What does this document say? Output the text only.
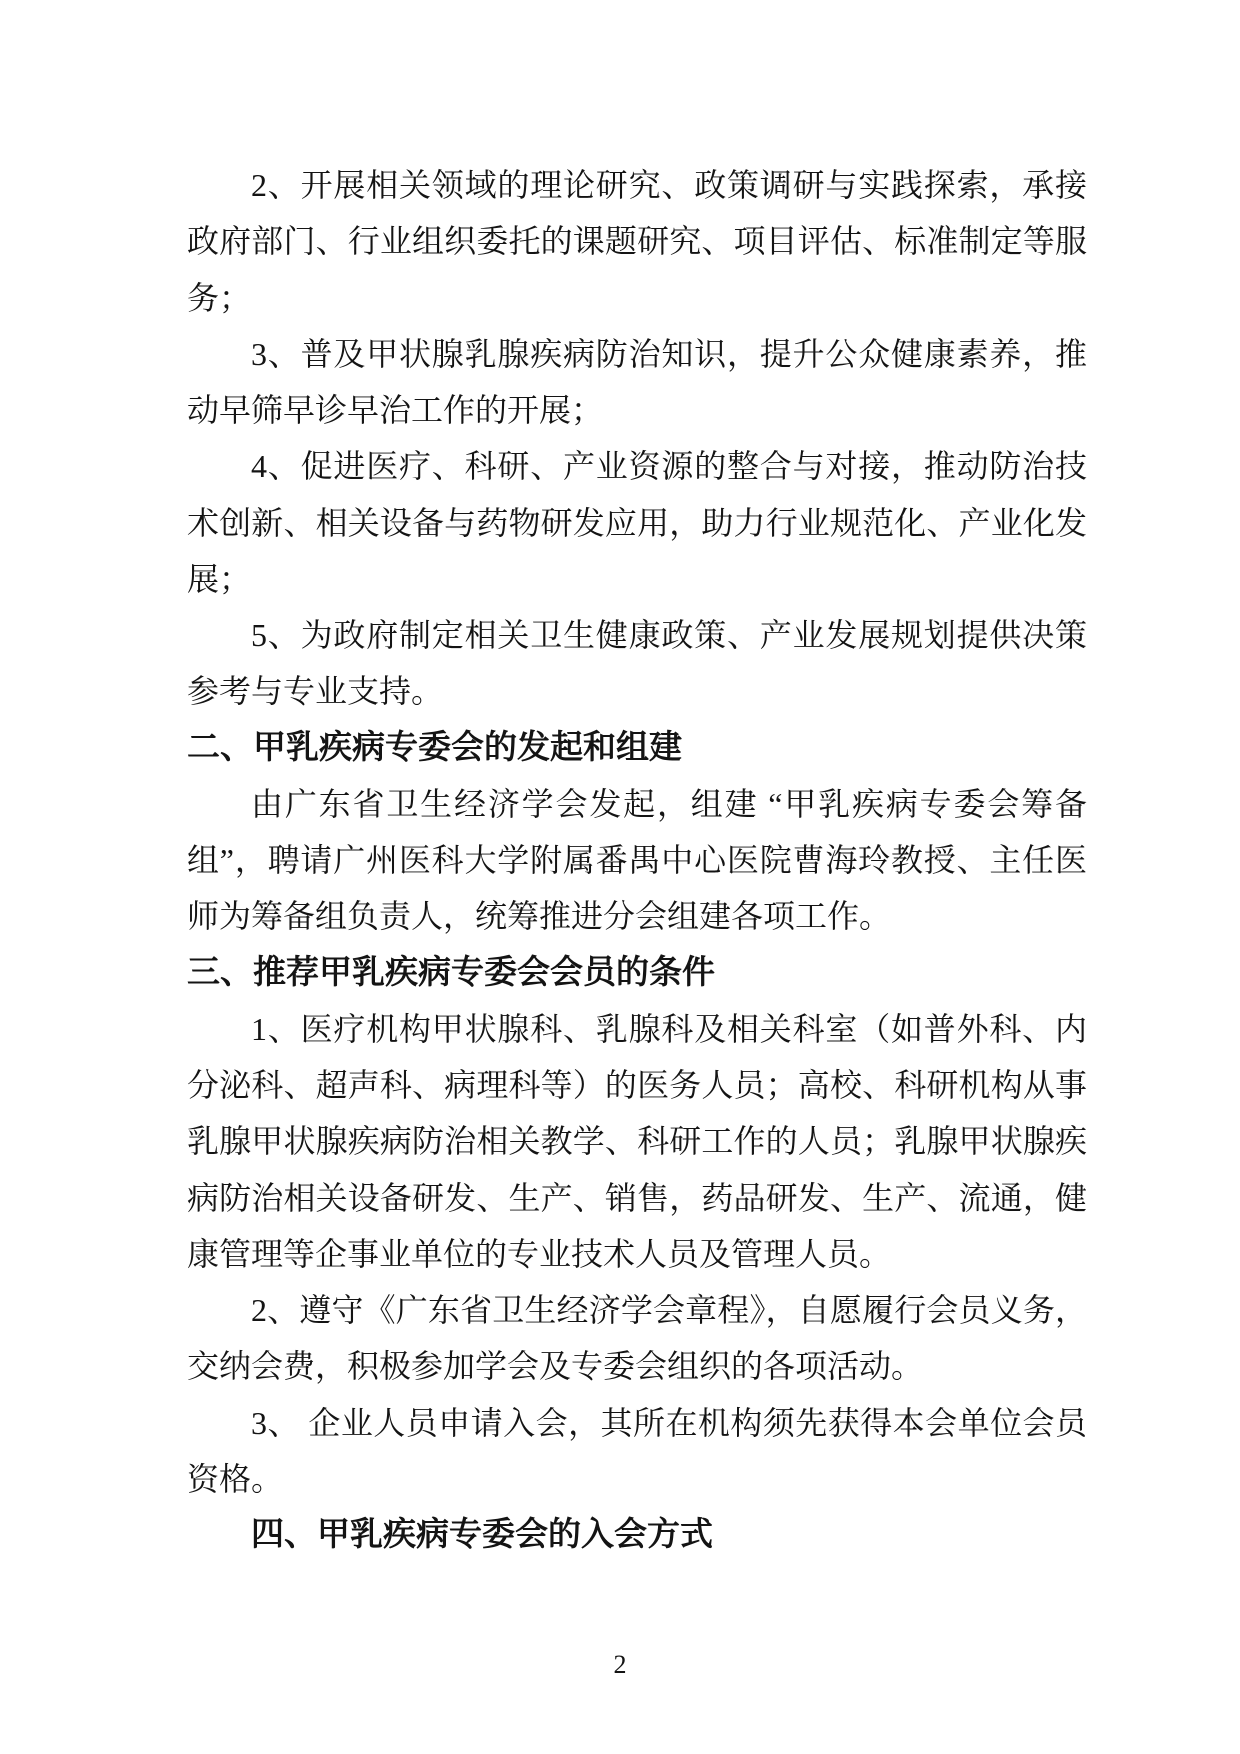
2、开展相关领域的理论研究、政策调研与实践探索，承接政府部门、行业组织委托的课题研究、项目评估、标准制定等服务；
3、普及甲状腺乳腺疾病防治知识，提升公众健康素养，推动早筛早诊早治工作的开展；
4、促进医疗、科研、产业资源的整合与对接，推动防治技术创新、相关设备与药物研发应用，助力行业规范化、产业化发展；
5、为政府制定相关卫生健康政策、产业发展规划提供决策参考与专业支持。
二、甲乳疾病专委会的发起和组建
由广东省卫生经济学会发起，组建 “甲乳疾病专委会筹备组”，聘请广州医科大学附属番禺中心医院曹海玲教授、主任医师为筹备组负责人，统筹推进分会组建各项工作。
三、推荐甲乳疾病专委会会员的条件
1、医疗机构甲状腺科、乳腺科及相关科室（如普外科、内分泌科、超声科、病理科等）的医务人员；高校、科研机构从事乳腺甲状腺疾病防治相关教学、科研工作的人员；乳腺甲状腺疾病防治相关设备研发、生产、销售，药品研发、生产、流通，健康管理等企事业单位的专业技术人员及管理人员。
2、遵守《广东省卫生经济学会章程》，自愿履行会员义务，交纳会费，积极参加学会及专委会组织的各项活动。
3、 企业人员申请入会，其所在机构须先获得本会单位会员资格。
四、甲乳疾病专委会的入会方式
2
